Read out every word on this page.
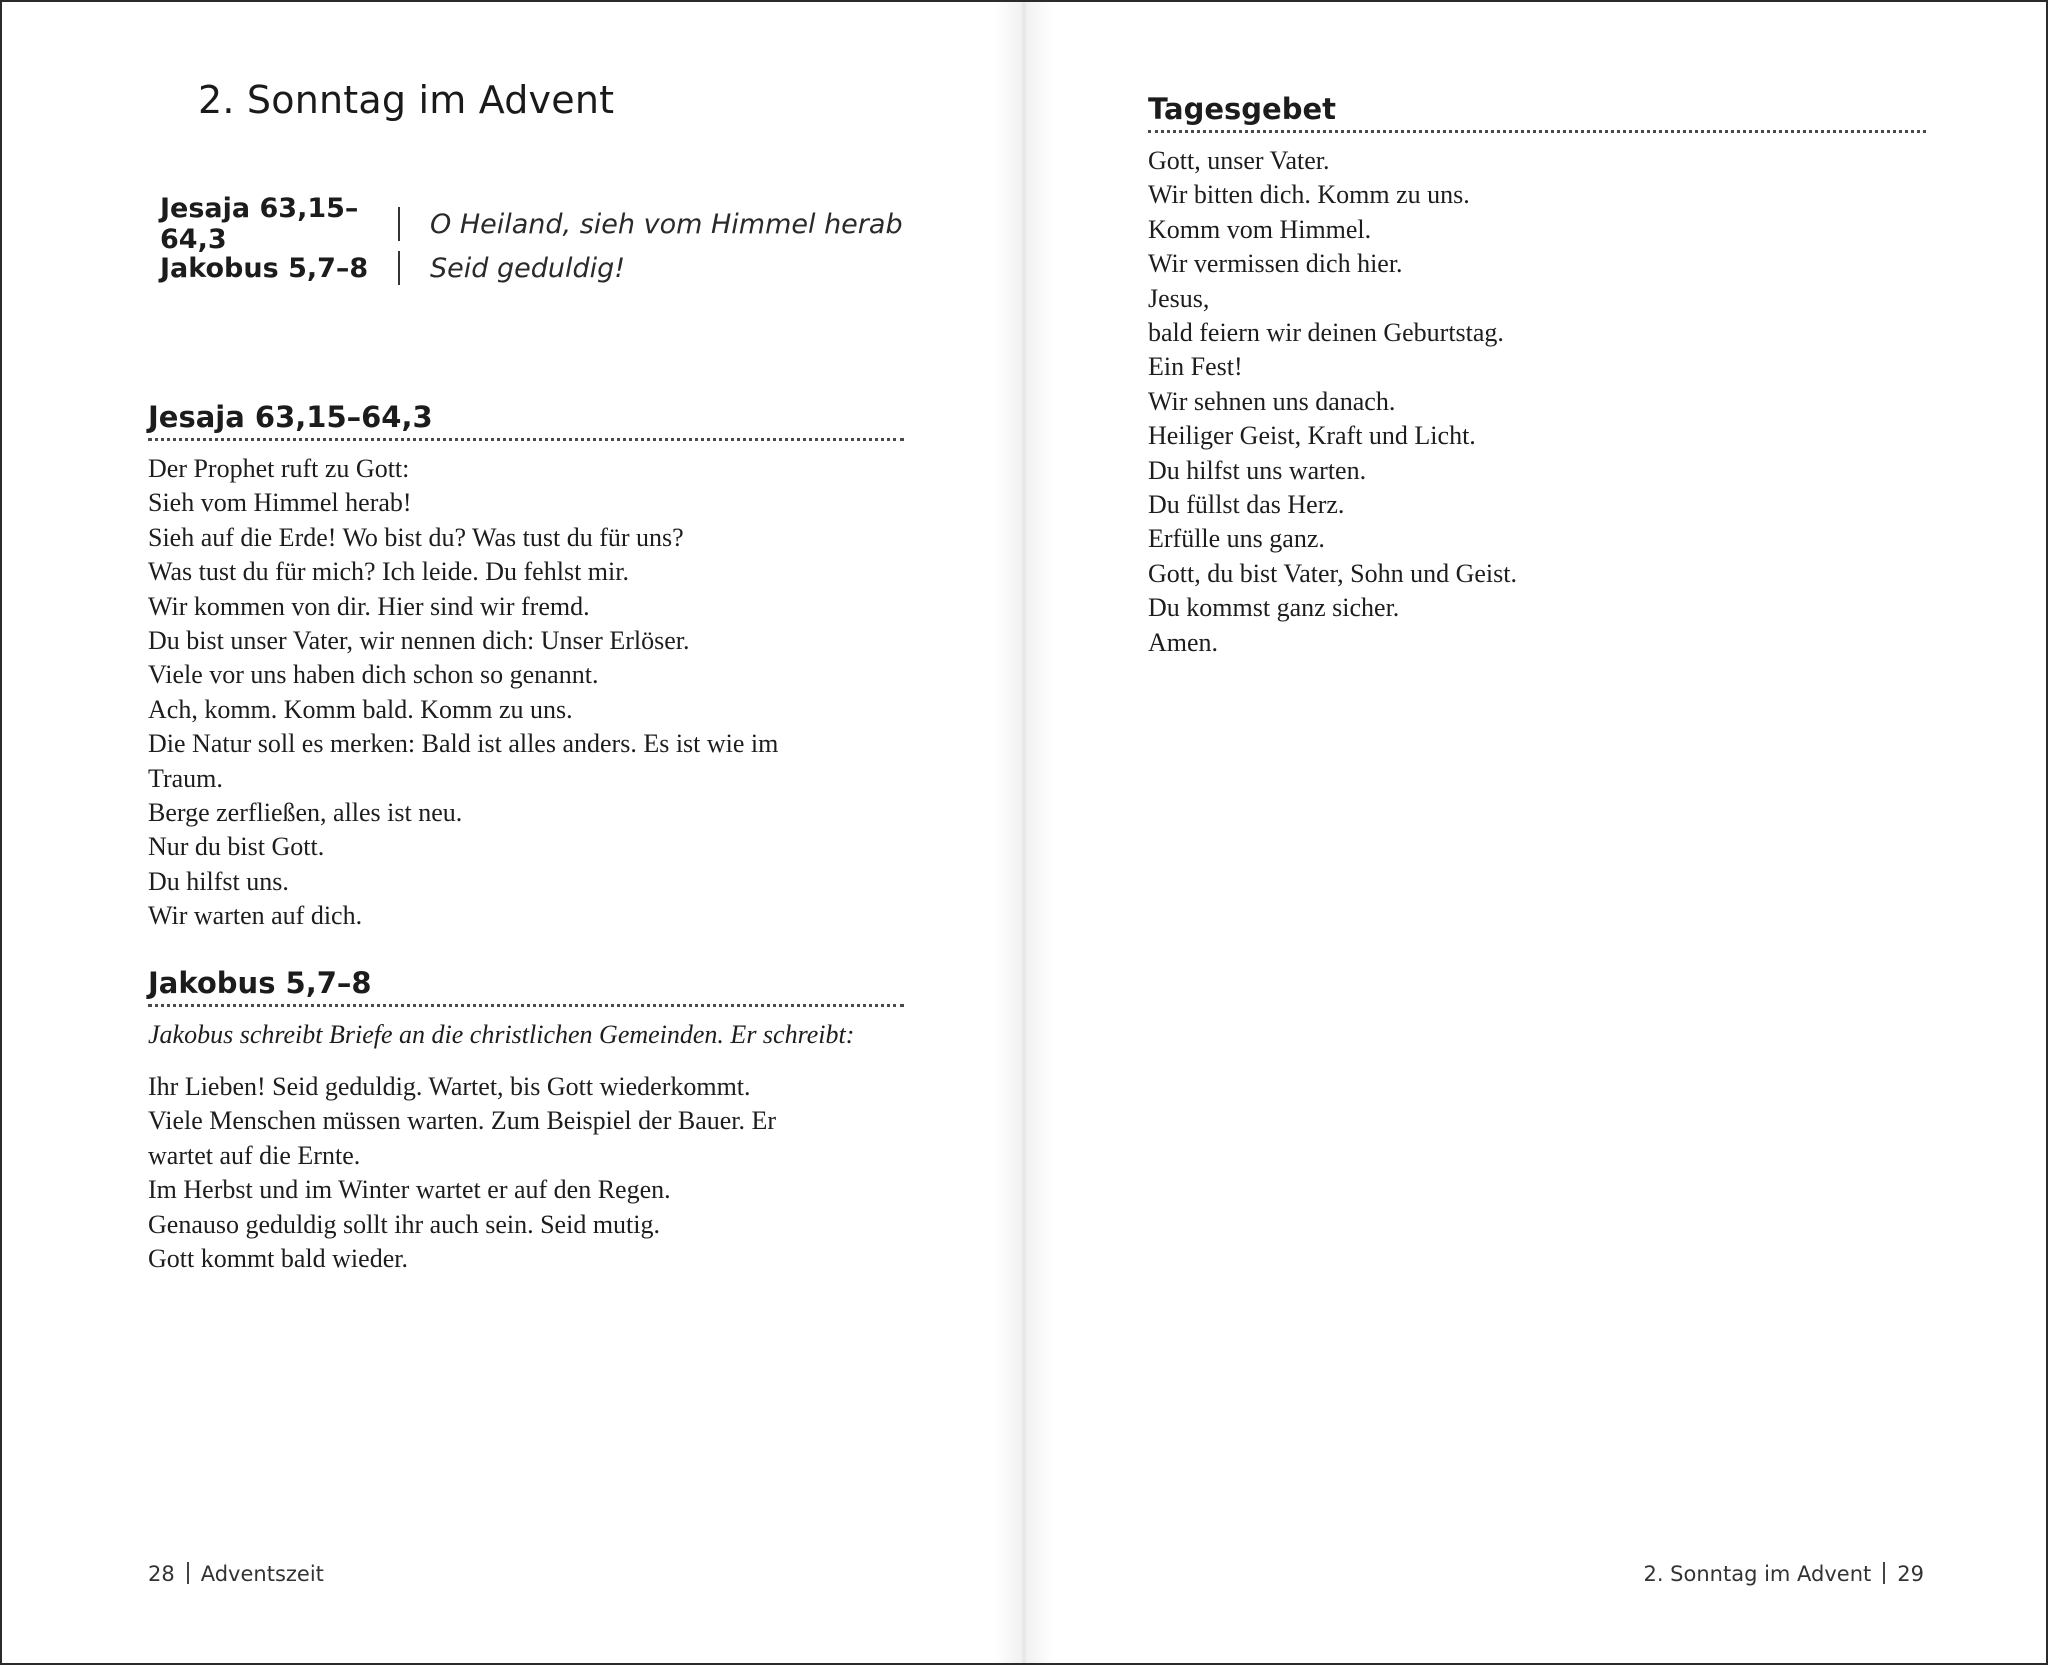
2. Sonntag im Advent
Jesaja 63,15–64,3	O Heiland, sieh vom Himmel herab
Jakobus 5,7–8	Seid geduldig!
Jesaja 63,15–64,3
Der Prophet ruft zu Gott:
Sieh vom Himmel herab!
Sieh auf die Erde! Wo bist du? Was tust du für uns?
Was tust du für mich? Ich leide. Du fehlst mir.
Wir kommen von dir. Hier sind wir fremd.
Du bist unser Vater, wir nennen dich: Unser Erlöser.
Viele vor uns haben dich schon so genannt.
Ach, komm. Komm bald. Komm zu uns.
Die Natur soll es merken: Bald ist alles anders. Es ist wie im
Traum.
Berge zerfließen, alles ist neu.
Nur du bist Gott.
Du hilfst uns.
Wir warten auf dich.
Jakobus 5,7–8

Jakobus schreibt Briefe an die christlichen Gemeinden. Er schreibt:

Ihr Lieben! Seid geduldig. Wartet, bis Gott wiederkommt.
Viele Menschen müssen warten. Zum Beispiel der Bauer. Er
wartet auf die Ernte.
Im Herbst und im Winter wartet er auf den Regen.
Genauso geduldig sollt ihr auch sein. Seid mutig.
Gott kommt bald wieder.
28 Adventszeit
Tagesgebet
Gott, unser Vater.
Wir bitten dich. Komm zu uns.
Komm vom Himmel.
Wir vermissen dich hier.
Jesus,
bald feiern wir deinen Geburtstag.
Ein Fest!
Wir sehnen uns danach.
Heiliger Geist, Kraft und Licht.
Du hilfst uns warten.
Du füllst das Herz.
Erfülle uns ganz.
Gott, du bist Vater, Sohn und Geist.
Du kommst ganz sicher.
Amen.
2. Sonntag im Advent 29
